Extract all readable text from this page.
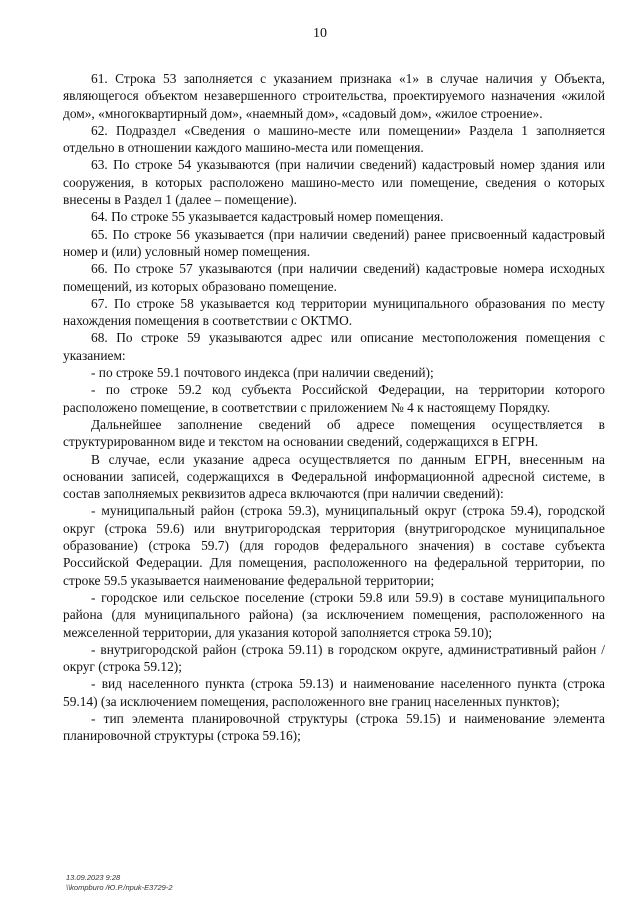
10

61. Строка 53 заполняется с указанием признака «1» в случае наличия у Объекта, являющегося объектом незавершенного строительства, проектируемого назначения «жилой дом», «многоквартирный дом», «наемный дом», «садовый дом», «жилое строение».

62. Подраздел «Сведения о машино-месте или помещении» Раздела 1 заполняется отдельно в отношении каждого машино-места или помещения.

63. По строке 54 указываются (при наличии сведений) кадастровый номер здания или сооружения, в которых расположено машино-место или помещение, сведения о которых внесены в Раздел 1 (далее – помещение).

64. По строке 55 указывается кадастровый номер помещения.

65. По строке 56 указывается (при наличии сведений) ранее присвоенный кадастровый номер и (или) условный номер помещения.

66. По строке 57 указываются (при наличии сведений) кадастровые номера исходных помещений, из которых образовано помещение.

67. По строке 58 указывается код территории муниципального образования по месту нахождения помещения в соответствии с ОКТМО.

68. По строке 59 указываются адрес или описание местоположения помещения с указанием:

- по строке 59.1 почтового индекса (при наличии сведений);

- по строке 59.2 код субъекта Российской Федерации, на территории которого расположено помещение, в соответствии с приложением № 4 к настоящему Порядку.

Дальнейшее заполнение сведений об адресе помещения осуществляется в структурированном виде и текстом на основании сведений, содержащихся в ЕГРН.

В случае, если указание адреса осуществляется по данным ЕГРН, внесенным на основании записей, содержащихся в Федеральной информационной адресной системе, в состав заполняемых реквизитов адреса включаются (при наличии сведений):

- муниципальный район (строка 59.3), муниципальный округ (строка 59.4), городской округ (строка 59.6) или внутригородская территория (внутригородское муниципальное образование) (строка 59.7) (для городов федерального значения) в составе субъекта Российской Федерации. Для помещения, расположенного на федеральной территории, по строке 59.5 указывается наименование федеральной территории;

- городское или сельское поселение (строки 59.8 или 59.9) в составе муниципального района (для муниципального района) (за исключением помещения, расположенного на межселенной территории, для указания которой заполняется строка 59.10);

- внутригородской район (строка 59.11) в городском округе, административный район / округ (строка 59.12);

- вид населенного пункта (строка 59.13) и наименование населенного пункта (строка 59.14) (за исключением помещения, расположенного вне границ населенных пунктов);

- тип элемента планировочной структуры (строка 59.15) и наименование элемента планировочной структуры (строка 59.16);

13.09.2023 9:28
\\kompburo /Ю.Р./приk-E3729-2
